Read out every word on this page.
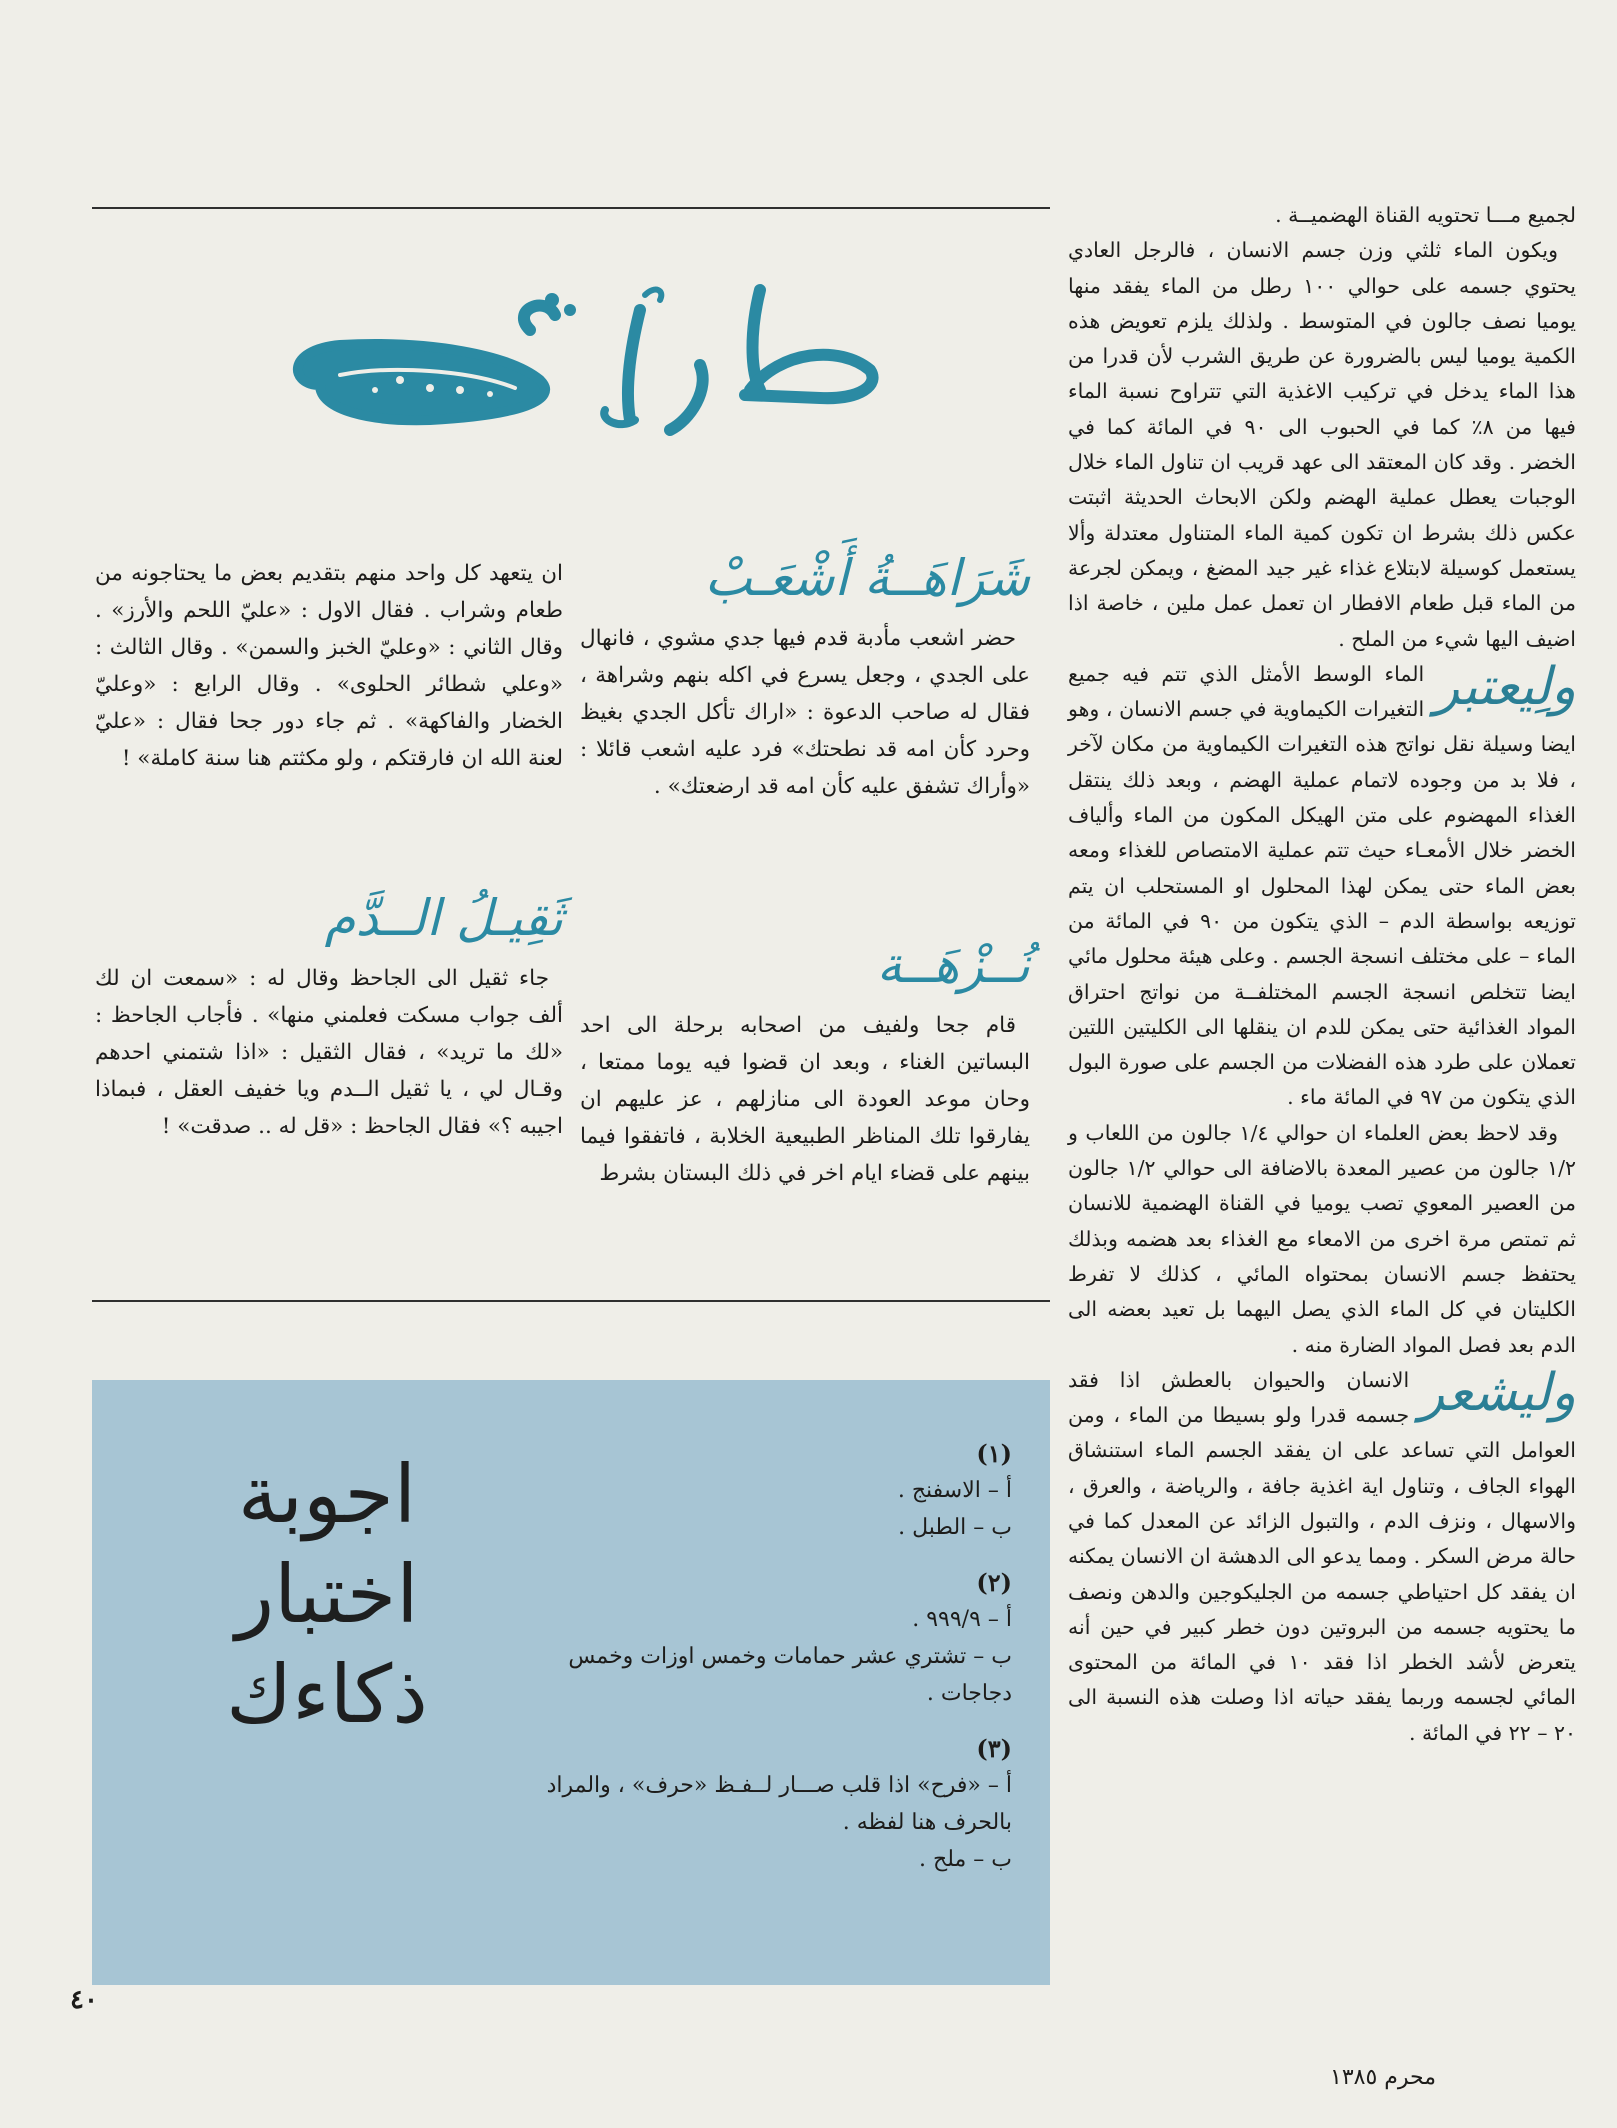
لجميع مـــا تحتويه القناة الهضميــة .

ويكون الماء ثلثي وزن جسم الانسان ، فالرجل العادي يحتوي جسمه على حوالي ١٠٠ رطل من الماء يفقد منها يوميا نصف جالون في المتوسط . ولذلك يلزم تعويض هذه الكمية يوميا ليس بالضرورة عن طريق الشرب لأن قدرا من هذا الماء يدخل في تركيب الاغذية التي تتراوح نسبة الماء فيها من ٨٪ كما في الحبوب الى ٩٠ في المائة كما في الخضر . وقد كان المعتقد الى عهد قريب ان تناول الماء خلال الوجبات يعطل عملية الهضم ولكن الابحاث الحديثة اثبتت عكس ذلك بشرط ان تكون كمية الماء المتناول معتدلة وألا يستعمل كوسيلة لابتلاع غذاء غير جيد المضغ ، ويمكن لجرعة من الماء قبل طعام الافطار ان تعمل عمل ملين ، خاصة اذا اضيف اليها شيء من الملح .

ولِيعتبر
الماء الوسط الأمثل الذي تتم فيه جميع التغيرات الكيماوية في جسم الانسان ، وهو ايضا وسيلة نقل نواتج هذه التغيرات الكيماوية من مكان لآخر ، فلا بد من وجوده لاتمام عملية الهضم ، وبعد ذلك ينتقل الغذاء المهضوم على متن الهيكل المكون من الماء وألياف الخضر خلال الأمعـاء حيث تتم عملية الامتصاص للغذاء ومعه بعض الماء حتى يمكن لهذا المحلول او المستحلب ان يتم توزيعه بواسطة الدم – الذي يتكون من ٩٠ في المائة من الماء – على مختلف انسجة الجسم . وعلى هيئة محلول مائي ايضا تتخلص انسجة الجسم المختلفــة من نواتج احتراق المواد الغذائية حتى يمكن للدم ان ينقلها الى الكليتين اللتين تعملان على طرد هذه الفضلات من الجسم على صورة البول الذي يتكون من ٩٧ في المائة ماء .

وقد لاحظ بعض العلماء ان حوالي ١/٤ جالون من اللعاب و ١/٢ جالون من عصير المعدة بالاضافة الى حوالي ١/٢ جالون من العصير المعوي تصب يوميا في القناة الهضمية للانسان ثم تمتص مرة اخرى من الامعاء مع الغذاء بعد هضمه وبذلك يحتفظ جسم الانسان بمحتواه المائي ، كذلك لا تفرط الكليتان في كل الماء الذي يصل اليهما بل تعيد بعضه الى الدم بعد فصل المواد الضارة منه .

وليشعر
الانسان والحيوان بالعطش اذا فقد جسمه قدرا ولو بسيطا من الماء ، ومن العوامل التي تساعد على ان يفقد الجسم الماء استنشاق الهواء الجاف ، وتناول اية اغذية جافة ، والرياضة ، والعرق ، والاسهال ، ونزف الدم ، والتبول الزائد عن المعدل كما في حالة مرض السكر . ومما يدعو الى الدهشة ان الانسان يمكنه ان يفقد كل احتياطي جسمه من الجليكوجين والدهن ونصف ما يحتويه جسمه من البروتين دون خطر كبير في حين أنه يتعرض لأشد الخطر اذا فقد ١٠ في المائة من المحتوى المائي لجسمه وربما يفقد حياته اذا وصلت هذه النسبة الى ٢٠ – ٢٢ في المائة .

شَرَاهَــةُ أَشْعَـبْ

حضر اشعب مأدبة قدم فيها جدي مشوي ، فانهال على الجدي ، وجعل يسرع في اكله بنهم وشراهة ، فقال له صاحب الدعوة : «اراك تأكل الجدي بغيظ وحرد كأن امه قد نطحتك» فرد عليه اشعب قائلا : «وأراك تشفق عليه كأن امه قد ارضعتك» .

ان يتعهد كل واحد منهم بتقديم بعض ما يحتاجونه من طعام وشراب . فقال الاول : «عليّ اللحم والأرز» . وقال الثاني : «وعليّ الخبز والسمن» . وقال الثالث : «وعلي شطائر الحلوى» . وقال الرابع : «وعليّ الخضار والفاكهة» . ثم جاء دور جحا فقال : «عليّ لعنة الله ان فارقتكم ، ولو مكثتم هنا سنة كاملة» !

نُــزْهَــة

قام جحا ولفيف من اصحابه برحلة الى احد البساتين الغناء ، وبعد ان قضوا فيه يوما ممتعا ، وحان موعد العودة الى منازلهم ، عز عليهم ان يفارقوا تلك المناظر الطبيعية الخلابة ، فاتفقوا فيما بينهم على قضاء ايام اخر في ذلك البستان بشرط

ثَقِيـلُ الــدَّم

جاء ثقيل الى الجاحظ وقال له : «سمعت ان لك ألف جواب مسكت فعلمني منها» . فأجاب الجاحظ : «لك ما تريد» ، فقال الثقيل : «اذا شتمني احدهم وقـال لي ، يا ثقيل الــدم ويا خفيف العقل ، فبماذا اجيبه ؟» فقال الجاحظ : «قل له .. صدقت» !

اجوبة
اختبار
ذكاءك
(١)
أ – الاسفنج .
ب – الطبل .
(٢)
أ – ٩٩٩/٩ .
ب – تشتري عشر حمامات وخمس اوزات وخمس دجاجات .
(٣)
أ – «فرح» اذا قلب صـــار لــفـظ «حرف» ، والمراد بالحرف هنا لفظه .
ب – ملح .
٤٠
محرم ١٣٨٥
